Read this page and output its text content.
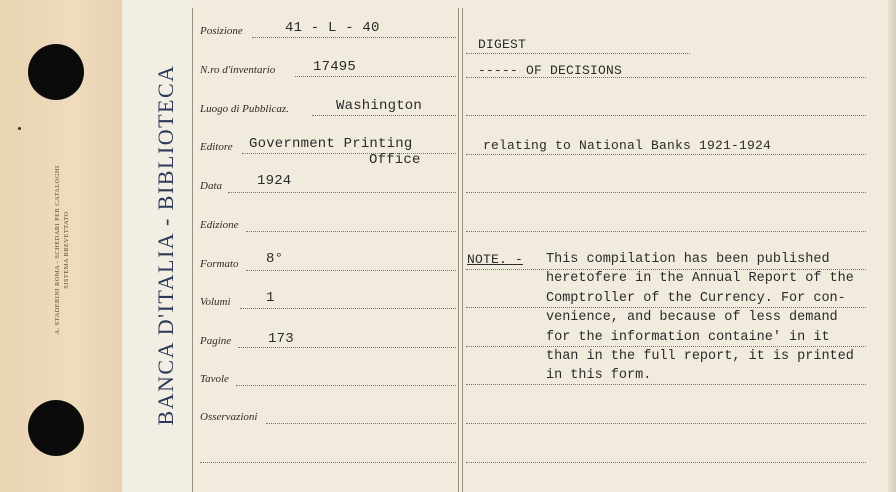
A. STADERINI ROMA - SCHEDARI PER CATALOGHI SISTEMA BREVETTATO	BANCA D'ITALIA - BIBLIOTECA
Posizione	41 - L - 40
N.ro d'inventario	17495
Luogo di Pubblicaz.	Washington
Editore Government Printing
Office
Data	1924
Edizione
Formato 8°
Volumi	1
Pagine	173
Tavole
Osservazioni
DIGEST
----- OF DECISIONS
relating to National Banks 1921-1924
NOTE. - This compilation has been published
heretofere in the Annual Report of the
Comptroller of the Currency. For con-
venience, and because of less demand
for the information containe' in it
than in the full report, it is printed
in this form.
